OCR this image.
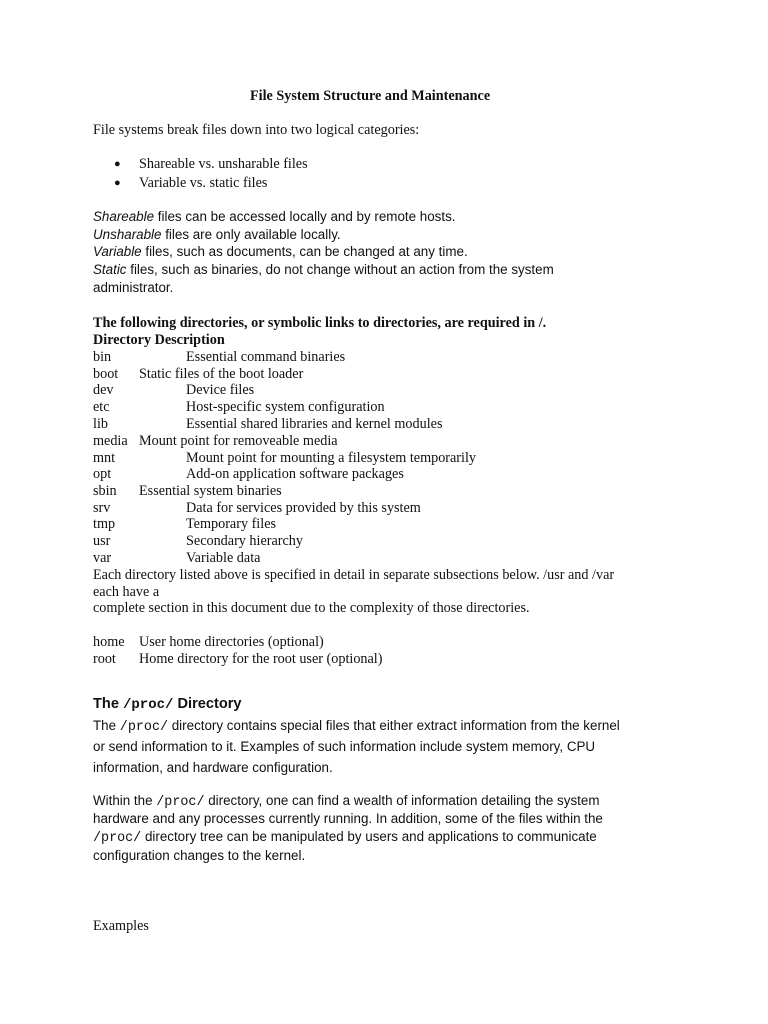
File System Structure and Maintenance
File systems break files down into two logical categories:
● Shareable vs. unsharable files
● Variable vs. static files
Shareable files can be accessed locally and by remote hosts.
Unsharable files are only available locally.
Variable files, such as documents, can be changed at any time.
Static files, such as binaries, do not change without an action from the system
administrator.
The following directories, or symbolic links to directories, are required in /.
Directory Description
bin	Essential command binaries
boot Static files of the boot loader
dev	Device files
etc	Host-specific system configuration
lib	Essential shared libraries and kernel modules
media Mount point for removeable media
mnt	Mount point for mounting a filesystem temporarily
opt	Add-on application software packages
sbin Essential system binaries
srv	Data for services provided by this system
tmp	Temporary files
usr	Secondary hierarchy
var	Variable data
Each directory listed above is specified in detail in separate subsections below. /usr and /var
each have a
complete section in this document due to the complexity of those directories.
home User home directories (optional)
root Home directory for the root user (optional)
The /proc/ Directory
The /proc/ directory contains special files that either extract information from the kernel
or send information to it. Examples of such information include system memory, CPU
information, and hardware configuration.
Within the /proc/ directory, one can find a wealth of information detailing the system
hardware and any processes currently running. In addition, some of the files within the
/proc/ directory tree can be manipulated by users and applications to communicate
configuration changes to the kernel.
Examples
